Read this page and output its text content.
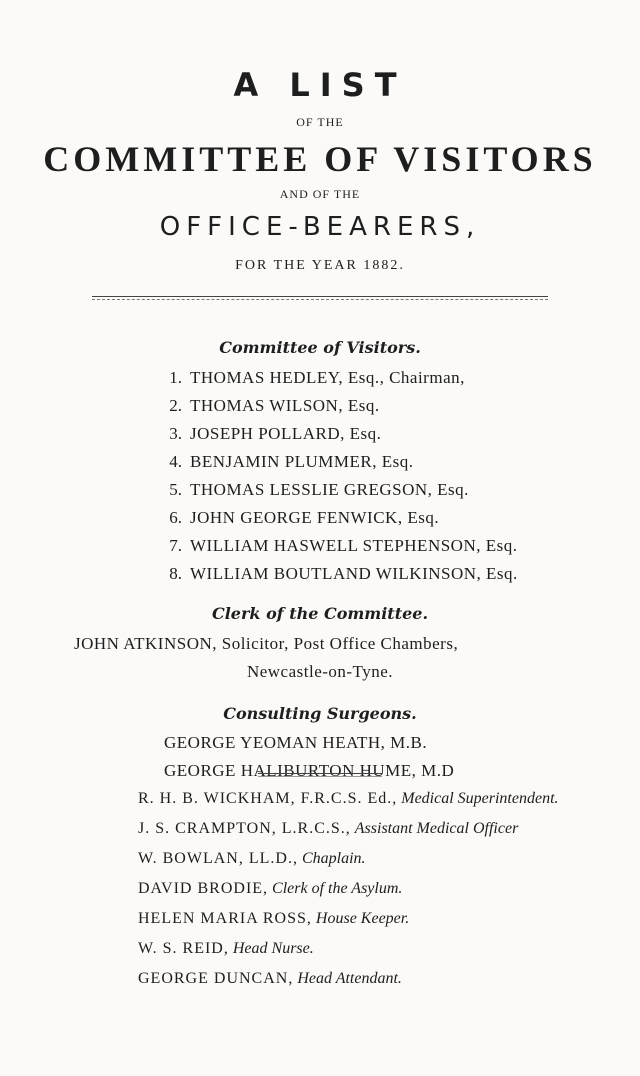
A LIST
OF THE
COMMITTEE OF VISITORS
AND OF THE
OFFICE-BEARERS,
FOR THE YEAR 1882.
Committee of Visitors.
1. THOMAS HEDLEY, Esq., Chairman,
2. THOMAS WILSON, Esq.
3. JOSEPH POLLARD, Esq.
4. BENJAMIN PLUMMER, Esq.
5. THOMAS LESSLIE GREGSON, Esq.
6. JOHN GEORGE FENWICK, Esq.
7. WILLIAM HASWELL STEPHENSON, Esq.
8. WILLIAM BOUTLAND WILKINSON, Esq.
Clerk of the Committee.
JOHN ATKINSON, Solicitor, Post Office Chambers,
Newcastle-on-Tyne.
Consulting Surgeons.
GEORGE YEOMAN HEATH, M.B.
GEORGE HALIBURTON HUME, M.D
R. H. B. WICKHAM, F.R.C.S. Ed., Medical Superintendent.
J. S. CRAMPTON, L.R.C.S., Assistant Medical Officer
W. BOWLAN, LL.D., Chaplain.
DAVID BRODIE, Clerk of the Asylum.
HELEN MARIA ROSS, House Keeper.
W. S. REID, Head Nurse.
GEORGE DUNCAN, Head Attendant.
